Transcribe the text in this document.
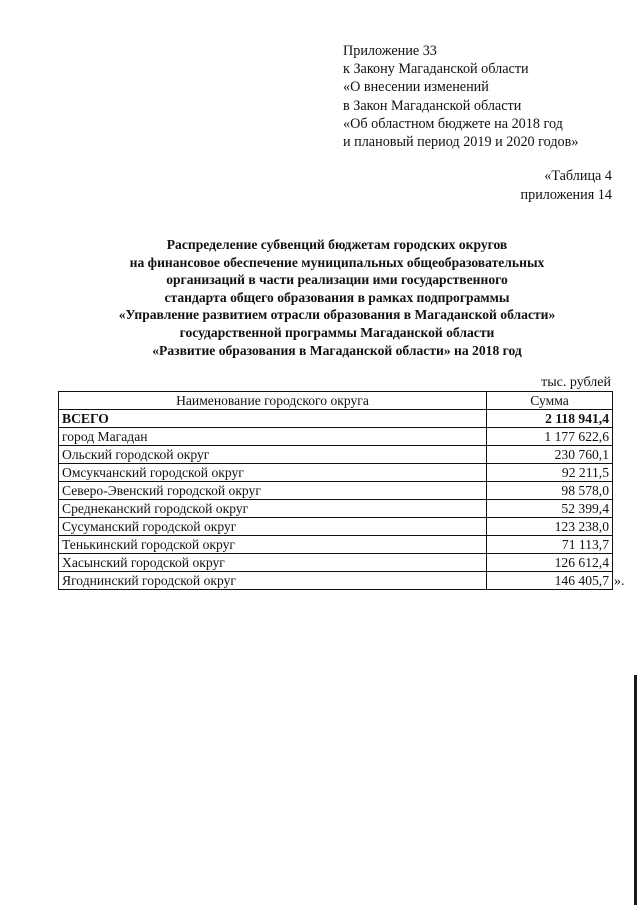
Приложение 33
к Закону Магаданской области
«О внесении изменений
в Закон Магаданской области
«Об областном бюджете на 2018 год
и плановый период 2019 и 2020 годов»
«Таблица 4
приложения 14
Распределение субвенций бюджетам городских округов
на финансовое обеспечение муниципальных общеобразовательных
организаций в части реализации ими государственного
стандарта общего образования в рамках подпрограммы
«Управление развитием отрасли образования в Магаданской области»
государственной программы Магаданской области
«Развитие образования в Магаданской области» на 2018 год
тыс. рублей
Наименование городского округа	Сумма
ВСЕГО	2 118 941,4
город Магадан	1 177 622,6
Ольский городской округ	230 760,1
Омсукчанский городской округ	92 211,5
Северо-Эвенский городской округ	98 578,0
Среднеканский городской округ	52 399,4
Сусуманский городской округ	123 238,0
Тенькинский городской округ	71 113,7
Хасынский городской округ	126 612,4
Ягоднинский городской округ	146 405,7 ».
